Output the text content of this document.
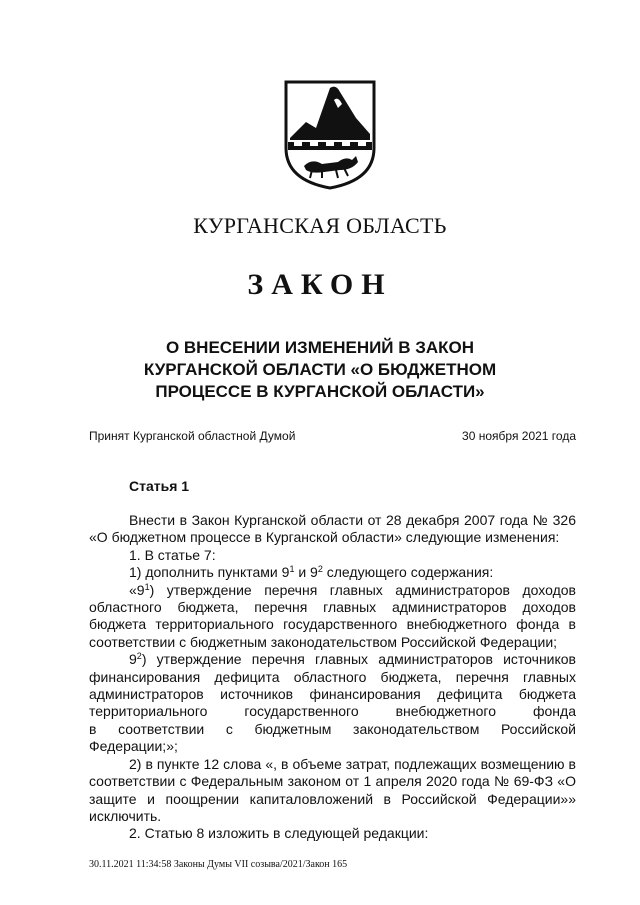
КУРГАНСКАЯ ОБЛАСТЬ
ЗАКОН
О ВНЕСЕНИИ ИЗМЕНЕНИЙ В ЗАКОН
КУРГАНСКОЙ ОБЛАСТИ «О БЮДЖЕТНОМ
ПРОЦЕССЕ В КУРГАНСКОЙ ОБЛАСТИ»
Принят Курганской областной Думой	30 ноября 2021 года
Статья 1

Внести в Закон Курганской области от 28 декабря 2007 года № 326 «О бюджетном процессе в Курганской области» следующие изменения:

1. В статье 7:

1) дополнить пунктами $9^1$ и $9^2$ следующего содержания:

«$9^1$) утверждение перечня главных администраторов доходов областного бюджета, перечня главных администраторов доходов бюджета территориального государственного внебюджетного фонда в соответствии с бюджетным законодательством Российской Федерации;

$9^2$) утверждение перечня главных администраторов источников финансирования дефицита областного бюджета, перечня главных администраторов источников финансирования дефицита бюджета территориального государственного внебюджетного фонда

в соответствии с бюджетным законодательством Российской Федерации;»;

2) в пункте 12 слова «, в объеме затрат, подлежащих возмещению в соответствии с Федеральным законом от 1 апреля 2020 года № 69-ФЗ «О защите и поощрении капиталовложений в Российской Федерации»» исключить.

2. Статью 8 изложить в следующей редакции:

30.11.2021 11:34:58 Законы Думы VII созыва/2021/Закон 165
